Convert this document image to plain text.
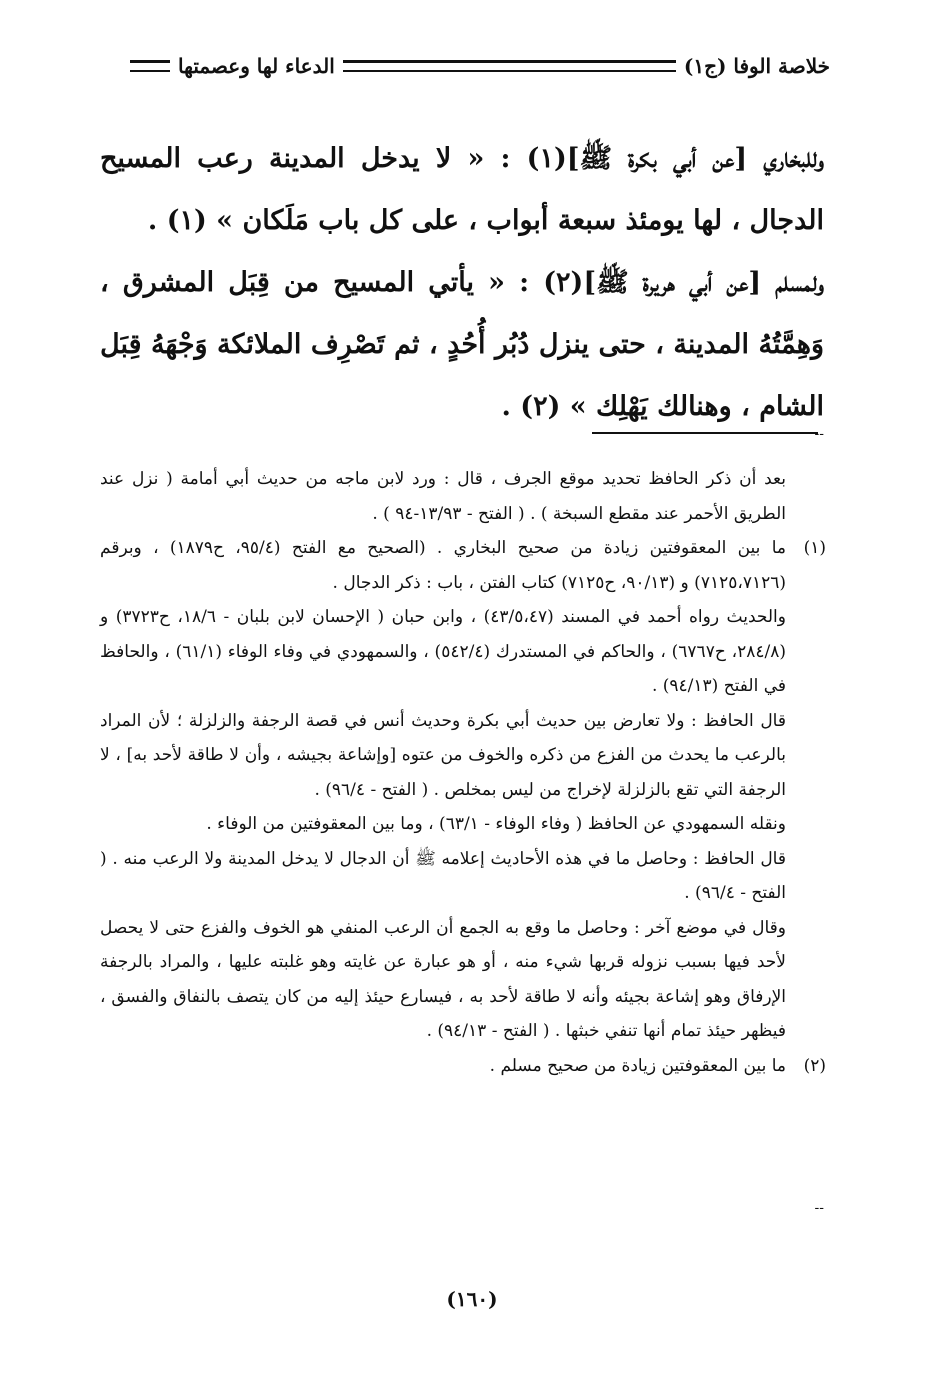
خلاصة الوفا (ج١)
الدعاء لها وعصمتها

وللبخاري [عن أبي بكرة ﷺ](١) : « لا يدخل المدينة رعب المسيح الدجال ، لها يومئذ سبعة أبواب ، على كل باب مَلَكان » (١) .

ولمسلم [عن أبي هريرة ﷺ](٢) : « يأتي المسيح من قِبَل المشرق ، وَهِمَّتُهُ المدينة ، حتى ينزل دُبُر أُحُدٍ ، ثم تَصْرِف الملائكة وَجْهَهُ قِبَل الشام ، وهنالك يَهْلِك » (٢) .

--

بعد أن ذكر الحافظ تحديد موقع الجرف ، قال : ورد لابن ماجه من حديث أبي أمامة ( نزل عند الطريق الأحمر عند مقطع السبخة ) . ( الفتح - ١٣/٩٣-٩٤ ) .

(١)

ما بين المعقوفتين زيادة من صحيح البخاري . (الصحيح مع الفتح (٩٥/٤، ح١٨٧٩) ، وبرقم (٧١٢٥،٧١٢٦) و (٩٠/١٣، ح٧١٢٥) كتاب الفتن ، باب : ذكر الدجال .

والحديث رواه أحمد في المسند (٤٣/٥،٤٧) ، وابن حبان ( الإحسان لابن بلبان - ١٨/٦، ح٣٧٢٣) و (٢٨٤/٨، ح٦٧٦٧) ، والحاكم في المستدرك (٥٤٢/٤) ، والسمهودي في وفاء الوفاء (٦١/١) ، والحافظ في الفتح (٩٤/١٣) .

قال الحافظ : ولا تعارض بين حديث أبي بكرة وحديث أنس في قصة الرجفة والزلزلة ؛ لأن المراد بالرعب ما يحدث من الفزع من ذكره والخوف من عتوه [وإشاعة بجيشه ، وأن لا طاقة لأحد به] ، لا الرجفة التي تقع بالزلزلة لإخراج من ليس بمخلص . ( الفتح - ٩٦/٤) .

ونقله السمهودي عن الحافظ ( وفاء الوفاء - ٦٣/١) ، وما بين المعقوفتين من الوفاء .

قال الحافظ : وحاصل ما في هذه الأحاديث إعلامه ﷺ أن الدجال لا يدخل المدينة ولا الرعب منه . ( الفتح - ٩٦/٤) .

وقال في موضع آخر : وحاصل ما وقع به الجمع أن الرعب المنفي هو الخوف والفزع حتى لا يحصل لأحد فيها بسبب نزوله قربها شيء منه ، أو هو عبارة عن غايته وهو غلبته عليها ، والمراد بالرجفة الإرفاق وهو إشاعة بجيئه وأنه لا طاقة لأحد به ، فيسارع حيئذ إليه من كان يتصف بالنفاق والفسق ، فيظهر حيئذ تمام أنها تنفي خبثها . ( الفتح - ٩٤/١٣) .

(٢)

ما بين المعقوفتين زيادة من صحيح مسلم .

--
(١٦٠)
